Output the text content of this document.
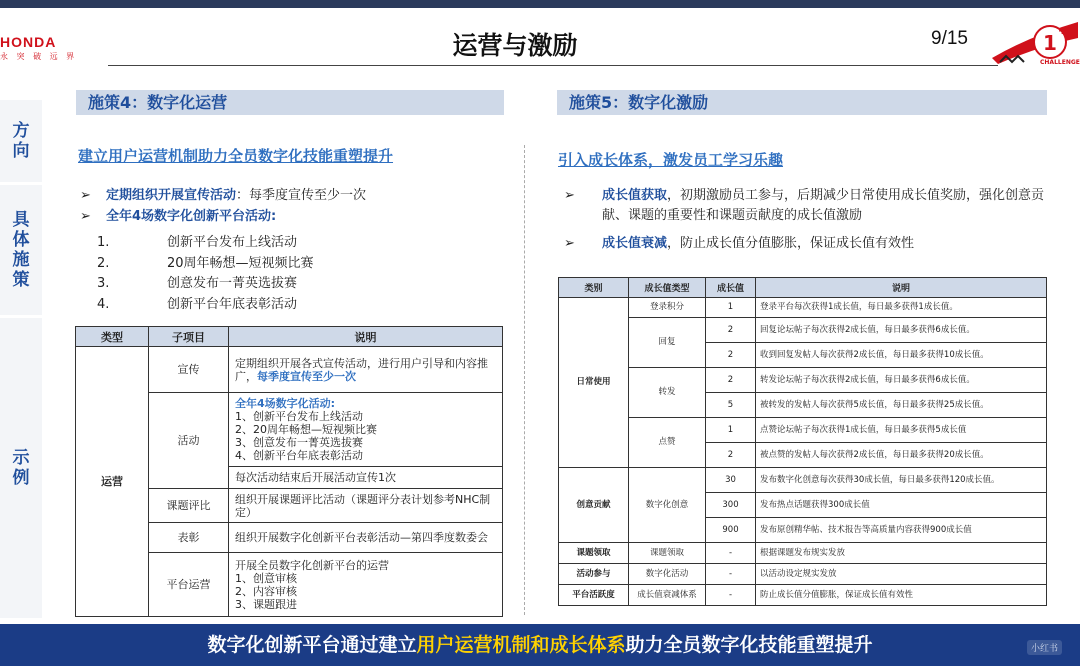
HONDA
永 突 破 远 界	运营与激励	9/15	1 +
CHALLENGE
方向
具体施策
示例
施策4：数字化运营
建立用户运营机制助力全员数字化技能重塑提升
➢ 定期组织开展宣传活动：每季度宣传至少一次
➢ 全年4场数字化创新平台活动:
1.	创新平台发布上线活动
2.	20周年畅想—短视频比赛
3.	创意发布一菁英选拔赛
4.	创新平台年底表彰活动
类型	子项目	说明
运营	宣传	定期组织开展各式宣传活动，进行用户引导和内容推广，每季度宣传至少一次
	活动	全年4场数字化活动:
1、创新平台发布上线活动
2、20周年畅想—短视频比赛
3、创意发布一菁英选拔赛
4、创新平台年底表彰活动

		每次活动结束后开展活动宣传1次
	课题评比	组织开展课题评比活动（课题评分表计划参考NHC制定）
	表彰	组织开展数字化创新平台表彰活动—第四季度数委会
	平台运营	开展全员数字化创新平台的运营
1、创意审核
2、内容审核
3、课题跟进
施策5：数字化激励
引入成长体系，激发员工学习乐趣
➢ 成长值获取，初期激励员工参与，后期减少日常使用成长值奖励，强化创意贡献、课题的重要性和课题贡献度的成长值激励
➢ 成长值衰减，防止成长值分值膨胀，保证成长值有效性
类别	成长值类型	成长值	说明
日常使用	登录积分	1	登录平台每次获得1成长值，每日最多获得1成长值。
	回复	2	回复论坛帖子每次获得2成长值，每日最多获得6成长值。
		2	收到回复发帖人每次获得2成长值，每日最多获得10成长值。
	转发	2	转发论坛帖子每次获得2成长值，每日最多获得6成长值。
		5	被转发的发帖人每次获得5成长值，每日最多获得25成长值。
	点赞	1	点赞论坛帖子每次获得1成长值，每日最多获得5成长值
		2	被点赞的发帖人每次获得2成长值，每日最多获得20成长值。
创意贡献	数字化创意	30	发布数字化创意每次获得30成长值，每日最多获得120成长值。
		300	发布热点话题获得300成长值
		900	发布原创精华帖、技术报告等高质量内容获得900成长值
课题领取	课题领取	-	根据课题发布规实发放
活动参与	数字化活动	-	以活动设定规实发放
平台活跃度	成长值衰减体系	-	防止成长值分值膨胀，保证成长值有效性
数字化创新平台通过建立用户运营机制和成长体系助力全员数字化技能重塑提升	小红书
